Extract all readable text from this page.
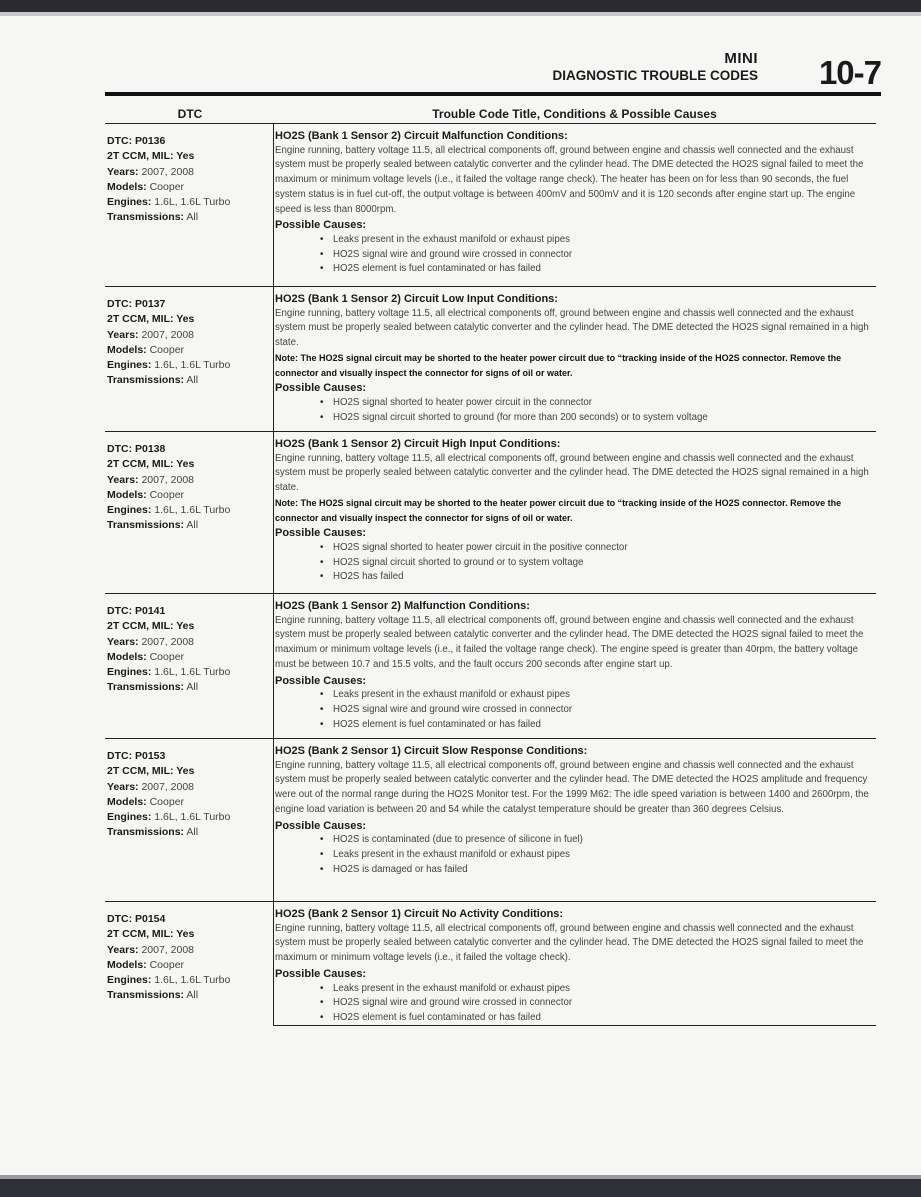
MINI
DIAGNOSTIC TROUBLE CODES 10-7
DTC	Trouble Code Title, Conditions & Possible Causes
DTC: P0136
2T CCM, MIL: Yes
Years: 2007, 2008
Models: Cooper
Engines: 1.6L, 1.6L Turbo
Transmissions: All
HO2S (Bank 1 Sensor 2) Circuit Malfunction Conditions:
Engine running, battery voltage 11.5, all electrical components off, ground between engine and chassis well connected and the exhaust system must be properly sealed between catalytic converter and the cylinder head. The DME detected the HO2S signal failed to meet the maximum or minimum voltage levels (i.e., it failed the voltage range check). The heater has been on for less than 90 seconds, the fuel system status is in fuel cut-off, the output voltage is between 400mV and 500mV and it is 120 seconds after engine start up. The engine speed is less than 8000rpm.
Possible Causes:
• Leaks present in the exhaust manifold or exhaust pipes
• HO2S signal wire and ground wire crossed in connector
• HO2S element is fuel contaminated or has failed
DTC: P0137
2T CCM, MIL: Yes
Years: 2007, 2008
Models: Cooper
Engines: 1.6L, 1.6L Turbo
Transmissions: All
HO2S (Bank 1 Sensor 2) Circuit Low Input Conditions:
Engine running, battery voltage 11.5, all electrical components off, ground between engine and chassis well connected and the exhaust system must be properly sealed between catalytic converter and the cylinder head. The DME detected the HO2S signal remained in a high state.
Note: The HO2S signal circuit may be shorted to the heater power circuit due to “tracking inside of the HO2S connector. Remove the connector and visually inspect the connector for signs of oil or water.
Possible Causes:
• HO2S signal shorted to heater power circuit in the connector
• HO2S signal circuit shorted to ground (for more than 200 seconds) or to system voltage
DTC: P0138
2T CCM, MIL: Yes
Years: 2007, 2008
Models: Cooper
Engines: 1.6L, 1.6L Turbo
Transmissions: All
HO2S (Bank 1 Sensor 2) Circuit High Input Conditions:
Engine running, battery voltage 11.5, all electrical components off, ground between engine and chassis well connected and the exhaust system must be properly sealed between catalytic converter and the cylinder head. The DME detected the HO2S signal remained in a high state.
Note: The HO2S signal circuit may be shorted to the heater power circuit due to “tracking inside of the HO2S connector. Remove the connector and visually inspect the connector for signs of oil or water.
Possible Causes:
• HO2S signal shorted to heater power circuit in the positive connector
• HO2S signal circuit shorted to ground or to system voltage
• HO2S has failed
DTC: P0141
2T CCM, MIL: Yes
Years: 2007, 2008
Models: Cooper
Engines: 1.6L, 1.6L Turbo
Transmissions: All
HO2S (Bank 1 Sensor 2) Malfunction Conditions:
Engine running, battery voltage 11.5, all electrical components off, ground between engine and chassis well connected and the exhaust system must be properly sealed between catalytic converter and the cylinder head. The DME detected the HO2S signal failed to meet the maximum or minimum voltage levels (i.e., it failed the voltage range check). The engine speed is greater than 40rpm, the battery voltage must be between 10.7 and 15.5 volts, and the fault occurs 200 seconds after engine start up.
Possible Causes:
• Leaks present in the exhaust manifold or exhaust pipes
• HO2S signal wire and ground wire crossed in connector
• HO2S element is fuel contaminated or has failed
DTC: P0153
2T CCM, MIL: Yes
Years: 2007, 2008
Models: Cooper
Engines: 1.6L, 1.6L Turbo
Transmissions: All
HO2S (Bank 2 Sensor 1) Circuit Slow Response Conditions:
Engine running, battery voltage 11.5, all electrical components off, ground between engine and chassis well connected and the exhaust system must be properly sealed between catalytic converter and the cylinder head. The DME detected the HO2S amplitude and frequency were out of the normal range during the HO2S Monitor test. For the 1999 M62: The idle speed variation is between 1400 and 2600rpm, the engine load variation is between 20 and 54 while the catalyst temperature should be greater than 360 degrees Celsius.
Possible Causes:
• HO2S is contaminated (due to presence of silicone in fuel)
• Leaks present in the exhaust manifold or exhaust pipes
• HO2S is damaged or has failed
DTC: P0154
2T CCM, MIL: Yes
Years: 2007, 2008
Models: Cooper
Engines: 1.6L, 1.6L Turbo
Transmissions: All
HO2S (Bank 2 Sensor 1) Circuit No Activity Conditions:
Engine running, battery voltage 11.5, all electrical components off, ground between engine and chassis well connected and the exhaust system must be properly sealed between catalytic converter and the cylinder head. The DME detected the HO2S signal failed to meet the maximum or minimum voltage levels (i.e., it failed the voltage check).
Possible Causes:
• Leaks present in the exhaust manifold or exhaust pipes
• HO2S signal wire and ground wire crossed in connector
• HO2S element is fuel contaminated or has failed
